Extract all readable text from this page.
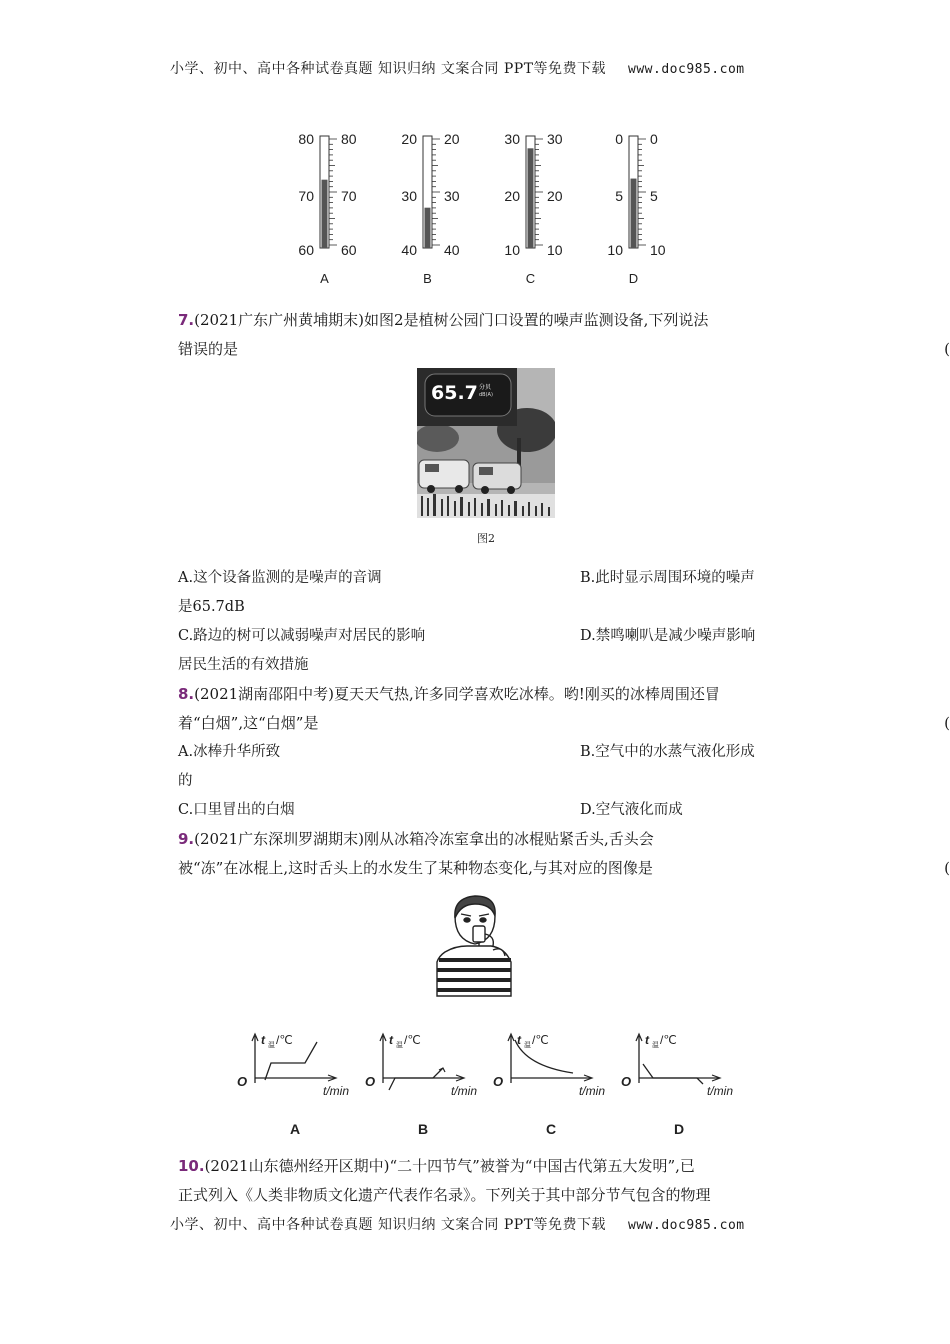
小学、初中、高中各种试卷真题 知识归纳 文案合同 PPT等免费下载 www.doc985.com
80 80
70 70
60 60
A
20 20
30 30
40 40
B
30 30
20 20
10 10
C
0 0
5 5
10 10
D
7.(2021广东广州黄埔期末)如图2是植树公园门口设置的噪声监测设备,下列说法
错误的是	(
65.7 分贝
dB(A)
图2
A.这个设备监测的是噪声的音调	B.此时显示周围环境的噪声
是65.7dB
C.路边的树可以减弱噪声对居民的影响	D.禁鸣喇叭是减少噪声影响
居民生活的有效措施
8.(2021湖南邵阳中考)夏天天气热,许多同学喜欢吃冰棒。哟!刚买的冰棒周围还冒
着“白烟”,这“白烟”是	(
A.冰棒升华所致	B.空气中的水蒸气液化形成
的
C.口里冒出的白烟	D.空气液化而成
9.(2021广东深圳罗湖期末)刚从冰箱冷冻室拿出的冰棍贴紧舌头,舌头会
被“冻”在冰棍上,这时舌头上的水发生了某种物态变化,与其对应的图像是	(
t 温 /℃
O
t/min
A
t 温 /℃
O
t/min
B
t 温 /℃
O
t/min
C
t 温 /℃
O
t/min
D
10.(2021山东德州经开区期中)“二十四节气”被誉为“中国古代第五大发明”,已
正式列入《人类非物质文化遗产代表作名录》。下列关于其中部分节气包含的物理
小学、初中、高中各种试卷真题 知识归纳 文案合同 PPT等免费下载 www.doc985.com
